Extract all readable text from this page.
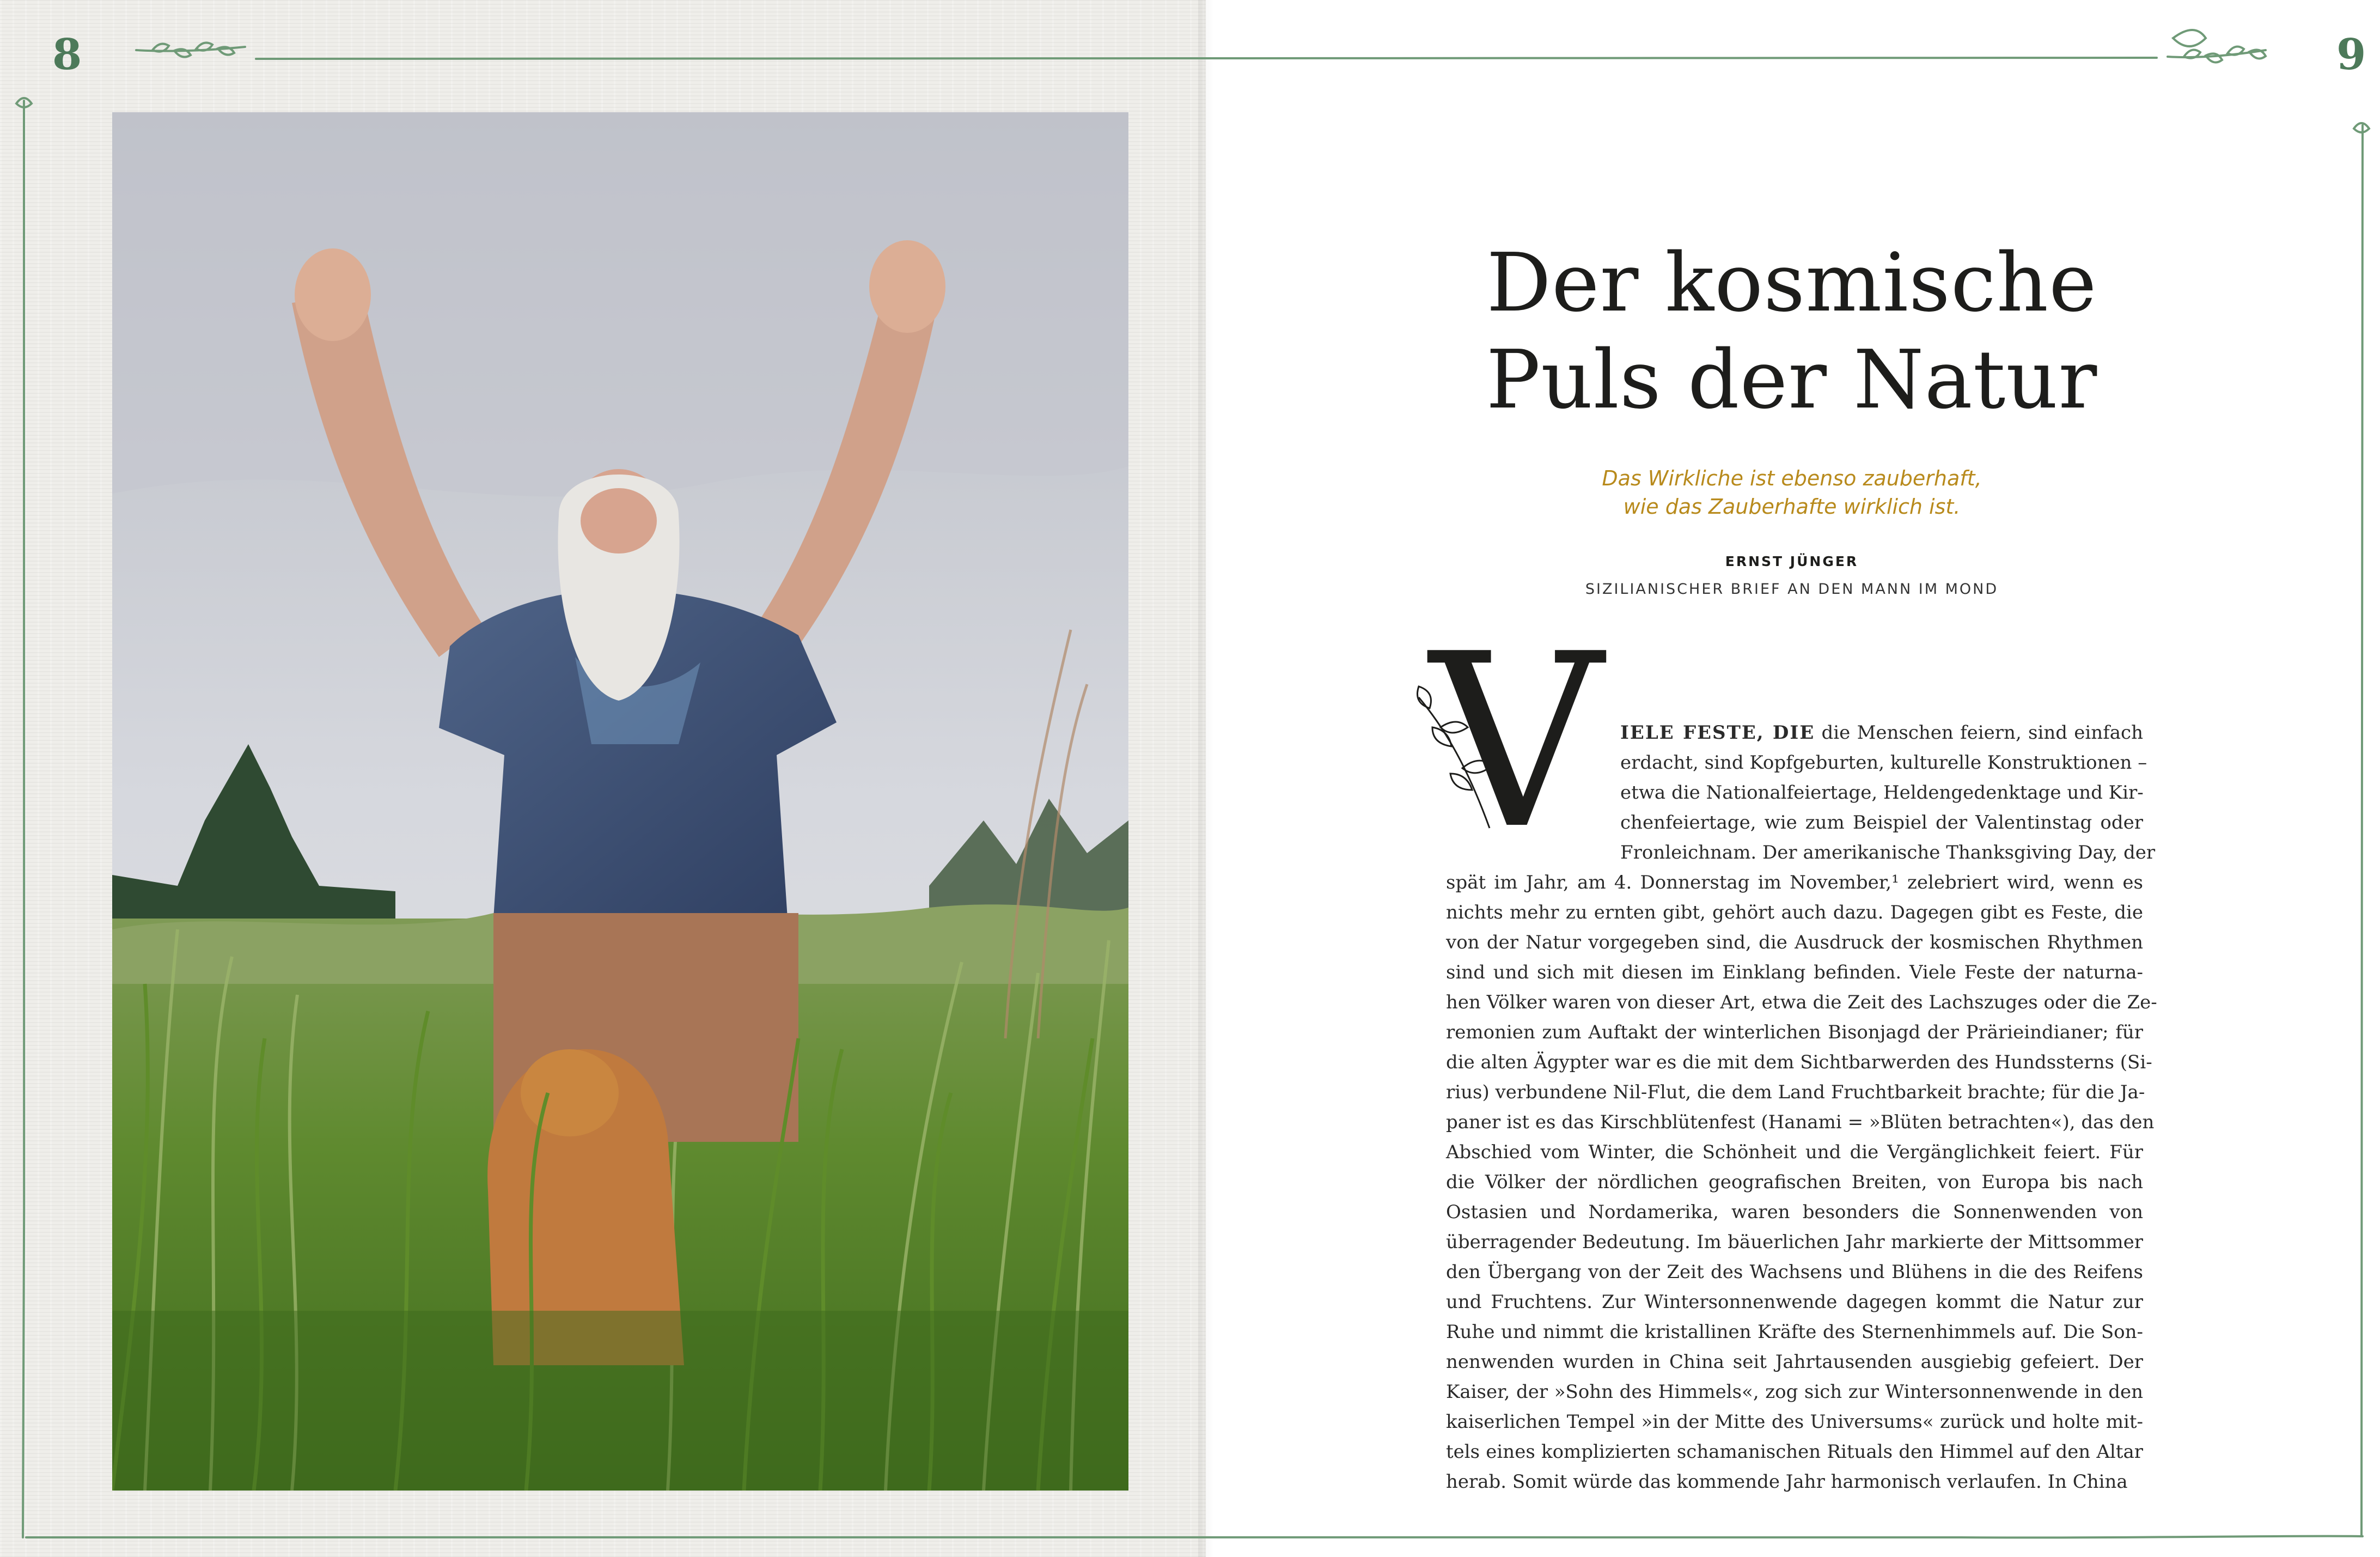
8	9
Der kosmische
Puls der Natur
Das Wirkliche ist ebenso zauberhaft,
wie das Zauberhafte wirklich ist.
ERNST JÜNGER
SIZILIANISCHER BRIEF AN DEN MANN IM MOND
V IELE FESTE, DIE die Menschen feiern, sind einfach
erdacht, sind Kopfgeburten, kulturelle Konstruktionen –
etwa die Nationalfeiertage, Heldengedenktage und Kir-
chenfeiertage, wie zum Beispiel der Valentinstag oder
Fronleichnam. Der amerikanische Thanksgiving Day, der
spät im Jahr, am 4. Donnerstag im November,¹ zelebriert wird, wenn es
nichts mehr zu ernten gibt, gehört auch dazu. Dagegen gibt es Feste, die
von der Natur vorgegeben sind, die Ausdruck der kosmischen Rhythmen
sind und sich mit diesen im Einklang befinden. Viele Feste der naturna-
hen Völker waren von dieser Art, etwa die Zeit des Lachszuges oder die Ze-
remonien zum Auftakt der winterlichen Bisonjagd der Prärieindianer; für
die alten Ägypter war es die mit dem Sichtbarwerden des Hundssterns (Si-
rius) verbundene Nil-Flut, die dem Land Fruchtbarkeit brachte; für die Ja-
paner ist es das Kirschblütenfest (Hanami = »Blüten betrachten«), das den
Abschied vom Winter, die Schönheit und die Vergänglichkeit feiert. Für
die Völker der nördlichen geografischen Breiten, von Europa bis nach
Ostasien und Nordamerika, waren besonders die Sonnenwenden von
überragender Bedeutung. Im bäuerlichen Jahr markierte der Mittsommer
den Übergang von der Zeit des Wachsens und Blühens in die des Reifens
und Fruchtens. Zur Wintersonnenwende dagegen kommt die Natur zur
Ruhe und nimmt die kristallinen Kräfte des Sternenhimmels auf. Die Son-
nenwenden wurden in China seit Jahrtausenden ausgiebig gefeiert. Der
Kaiser, der »Sohn des Himmels«, zog sich zur Wintersonnenwende in den
kaiserlichen Tempel »in der Mitte des Universums« zurück und holte mit-
tels eines komplizierten schamanischen Rituals den Himmel auf den Altar
herab. Somit würde das kommende Jahr harmonisch verlaufen. In China
